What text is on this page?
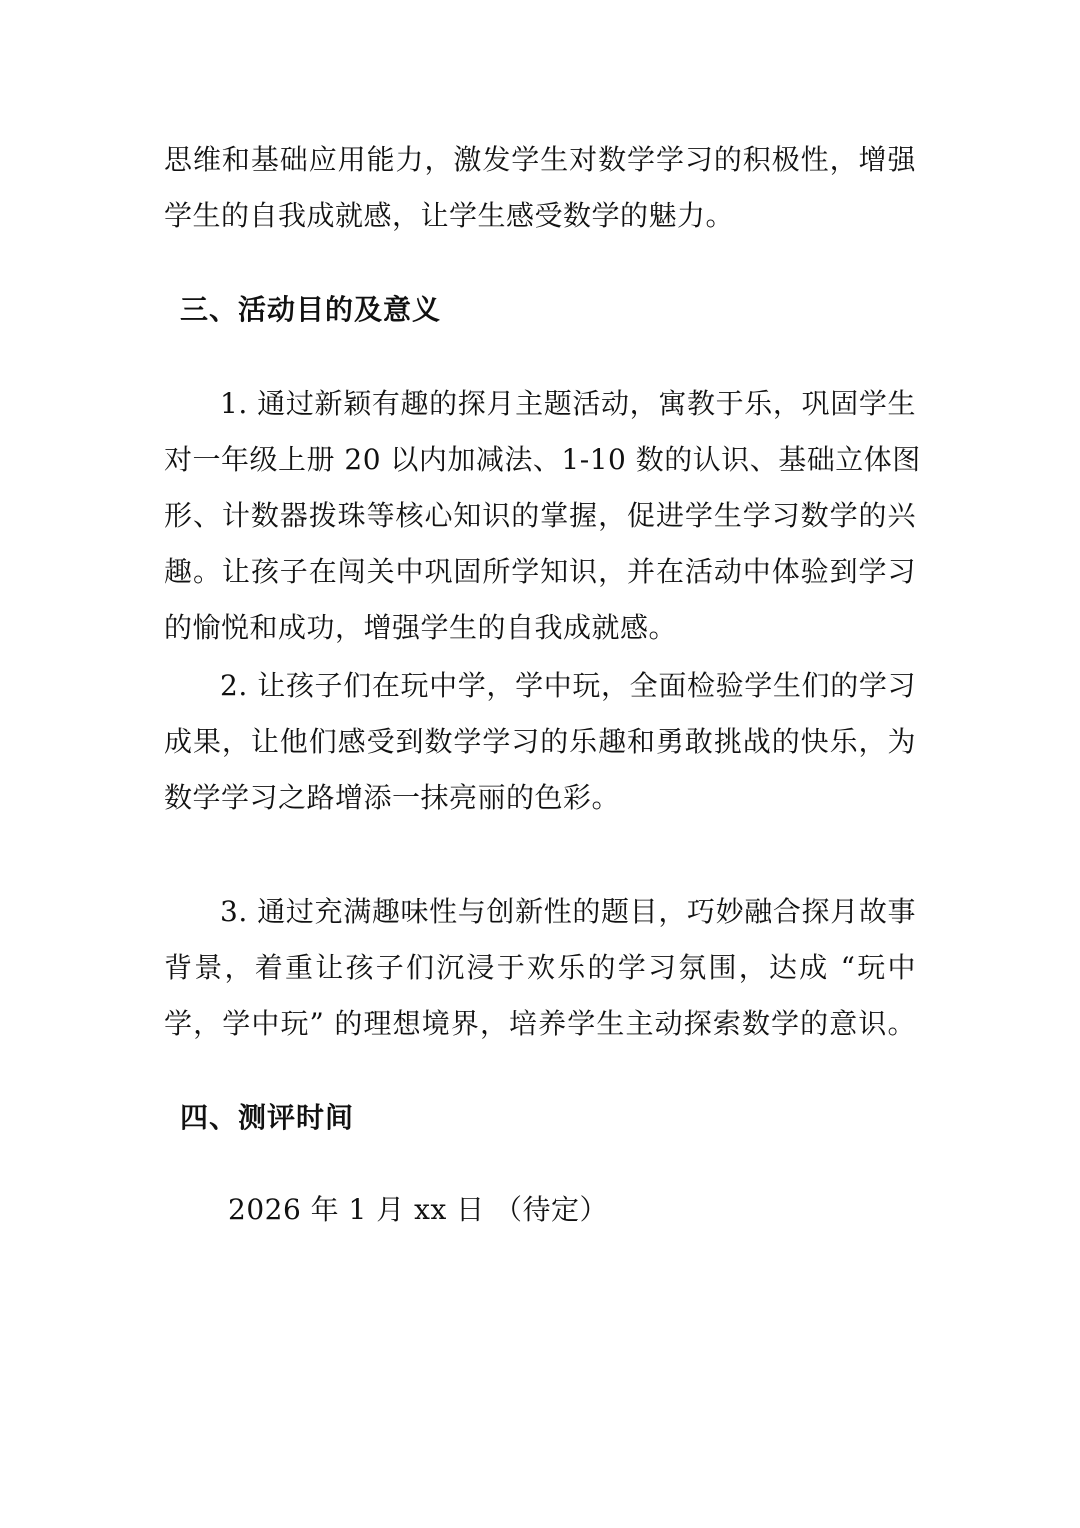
思维和基础应用能力，激发学生对数学学习的积极性，增强
学生的自我成就感，让学生感受数学的魅力。
三、活动目的及意义
1. 通过新颖有趣的探月主题活动，寓教于乐，巩固学生
对一年级上册 20 以内加减法、1-10 数的认识、基础立体图
形、计数器拨珠等核心知识的掌握，促进学生学习数学的兴
趣。让孩子在闯关中巩固所学知识，并在活动中体验到学习
的愉悦和成功，增强学生的自我成就感。
2. 让孩子们在玩中学，学中玩，全面检验学生们的学习
成果，让他们感受到数学学习的乐趣和勇敢挑战的快乐，为
数学学习之路增添一抹亮丽的色彩。
3. 通过充满趣味性与创新性的题目，巧妙融合探月故事
背景，着重让孩子们沉浸于欢乐的学习氛围，达成 “玩中
学，学中玩” 的理想境界，培养学生主动探索数学的意识。
四、测评时间
2026 年 1 月 xx 日 （待定）
